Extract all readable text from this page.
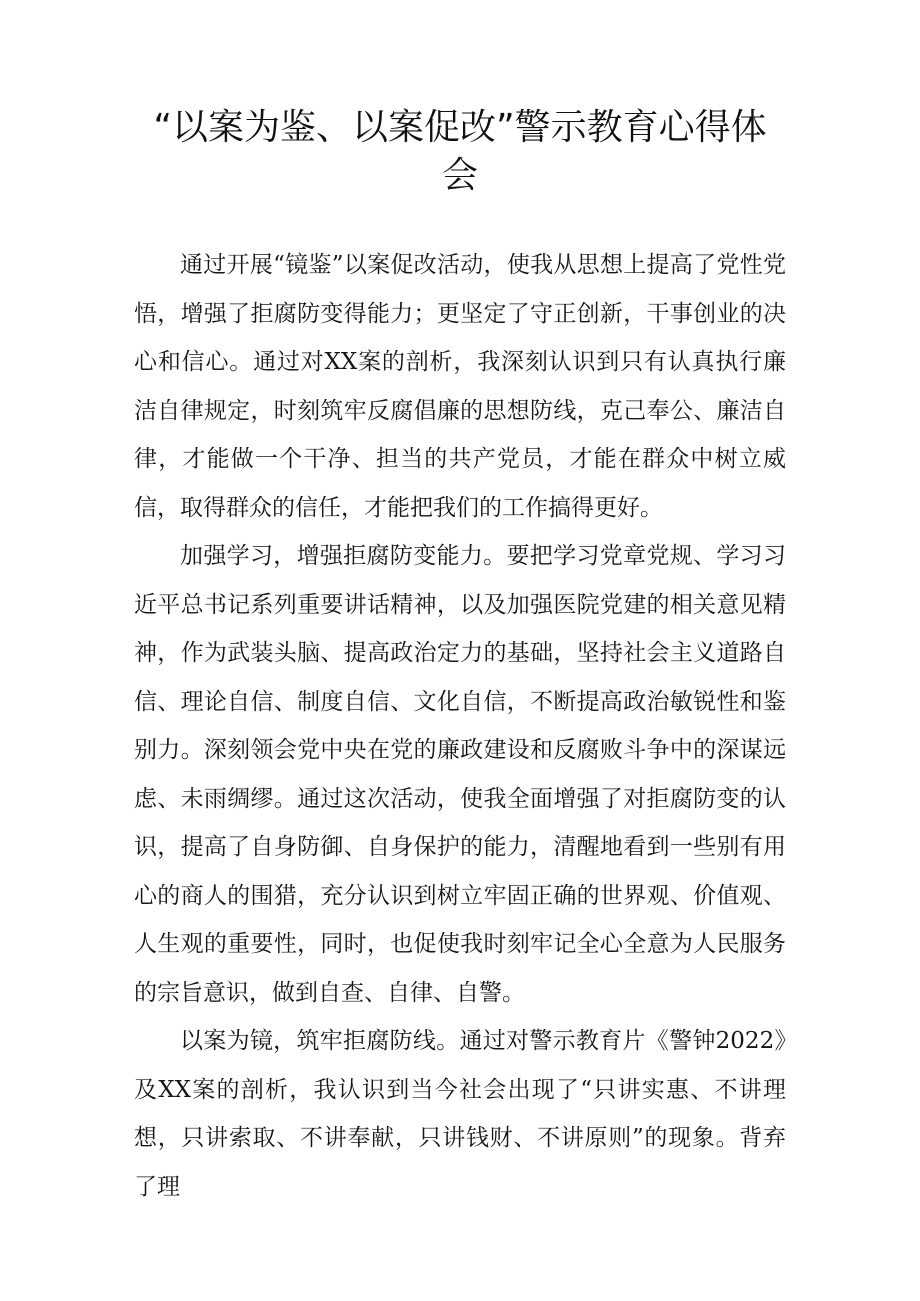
“以案为鉴、以案促改”警示教育心得体会

通过开展“镜鉴”以案促改活动，使我从思想上提高了党性党悟，增强了拒腐防变得能力；更坚定了守正创新，干事创业的决心和信心。通过对XX案的剖析，我深刻认识到只有认真执行廉洁自律规定，时刻筑牢反腐倡廉的思想防线，克己奉公、廉洁自律，才能做一个干净、担当的共产党员，才能在群众中树立威信，取得群众的信任，才能把我们的工作搞得更好。

加强学习，增强拒腐防变能力。要把学习党章党规、学习习近平总书记系列重要讲话精神，以及加强医院党建的相关意见精神，作为武装头脑、提高政治定力的基础，坚持社会主义道路自信、理论自信、制度自信、文化自信，不断提高政治敏锐性和鉴别力。深刻领会党中央在党的廉政建设和反腐败斗争中的深谋远虑、未雨绸缪。通过这次活动，使我全面增强了对拒腐防变的认识，提高了自身防御、自身保护的能力，清醒地看到一些别有用心的商人的围猎，充分认识到树立牢固正确的世界观、价值观、人生观的重要性，同时，也促使我时刻牢记全心全意为人民服务的宗旨意识，做到自查、自律、自警。

以案为镜，筑牢拒腐防线。通过对警示教育片《警钟2022》及XX案的剖析，我认识到当今社会出现了“只讲实惠、不讲理想，只讲索取、不讲奉献，只讲钱财、不讲原则”的现象。背弃了理
